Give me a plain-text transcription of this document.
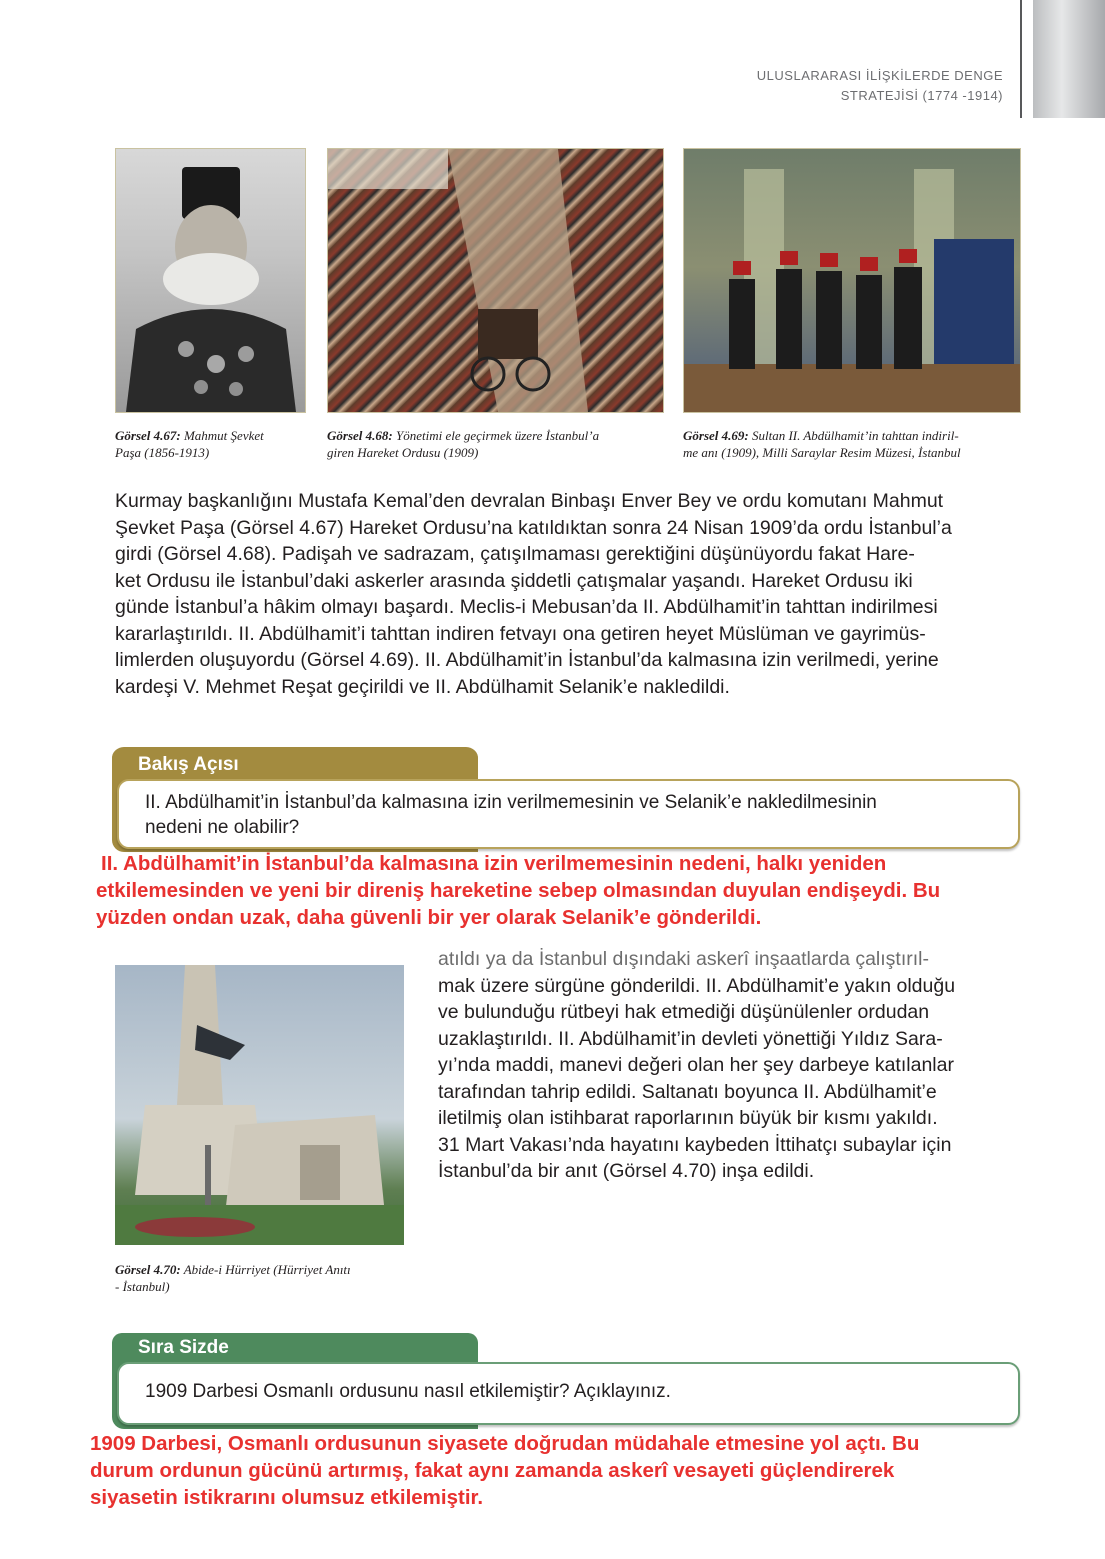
ULUSLARARASI İLİŞKİLERDE DENGE
STRATEJİSİ (1774 -1914)
Görsel 4.67: Mahmut Şevket
Paşa (1856-1913)
Görsel 4.68: Yönetimi ele geçirmek üzere İstanbul’a
giren Hareket Ordusu (1909)
Görsel 4.69: Sultan II. Abdülhamit’in tahttan indiril-
me anı (1909), Milli Saraylar Resim Müzesi, İstanbul

Kurmay başkanlığını Mustafa Kemal’den devralan Binbaşı Enver Bey ve ordu komutanı Mahmut

Şevket Paşa (Görsel 4.67) Hareket Ordusu’na katıldıktan sonra 24 Nisan 1909’da ordu İstanbul’a

girdi (Görsel 4.68). Padişah ve sadrazam, çatışılmaması gerektiğini düşünüyordu fakat Hare-

ket Ordusu ile İstanbul’daki askerler arasında şiddetli çatışmalar yaşandı. Hareket Ordusu iki

günde İstanbul’a hâkim olmayı başardı. Meclis-i Mebusan’da II. Abdülhamit’in tahttan indirilmesi

kararlaştırıldı. II. Abdülhamit’i tahttan indiren fetvayı ona getiren heyet Müslüman ve gayrimüs-

limlerden oluşuyordu (Görsel 4.69). II. Abdülhamit’in İstanbul’da kalmasına izin verilmedi, yerine

kardeşi V. Mehmet Reşat geçirildi ve II. Abdülhamit Selanik’e nakledildi.

Bakış Açısı
II. Abdülhamit’in İstanbul’da kalmasına izin verilmemesinin ve Selanik’e nakledilmesinin
nedeni ne olabilir?
II. Abdülhamit’in İstanbul’da kalmasına izin verilmemesinin nedeni, halkı yeniden
etkilemesinden ve yeni bir direniş hareketine sebep olmasından duyulan endişeydi. Bu
yüzden ondan uzak, daha güvenli bir yer olarak Selanik’e gönderildi.

atıldı ya da İstanbul dışındaki askerî inşaatlarda çalıştırıl-

mak üzere sürgüne gönderildi. II. Abdülhamit’e yakın olduğu

ve bulunduğu rütbeyi hak etmediği düşünülenler ordudan

uzaklaştırıldı. II. Abdülhamit’in devleti yönettiği Yıldız Sara-

yı’nda maddi, manevi değeri olan her şey darbeye katılanlar

tarafından tahrip edildi. Saltanatı boyunca II. Abdülhamit’e

iletilmiş olan istihbarat raporlarının büyük bir kısmı yakıldı.

31 Mart Vakası’nda hayatını kaybeden İttihatçı subaylar için

İstanbul’da bir anıt (Görsel 4.70) inşa edildi.

Görsel 4.70: Abide-i Hürriyet (Hürriyet Anıtı
- İstanbul)
Sıra Sizde
1909 Darbesi Osmanlı ordusunu nasıl etkilemiştir? Açıklayınız.
1909 Darbesi, Osmanlı ordusunun siyasete doğrudan müdahale etmesine yol açtı. Bu
durum ordunun gücünü artırmış, fakat aynı zamanda askerî vesayeti güçlendirerek
siyasetin istikrarını olumsuz etkilemiştir.
